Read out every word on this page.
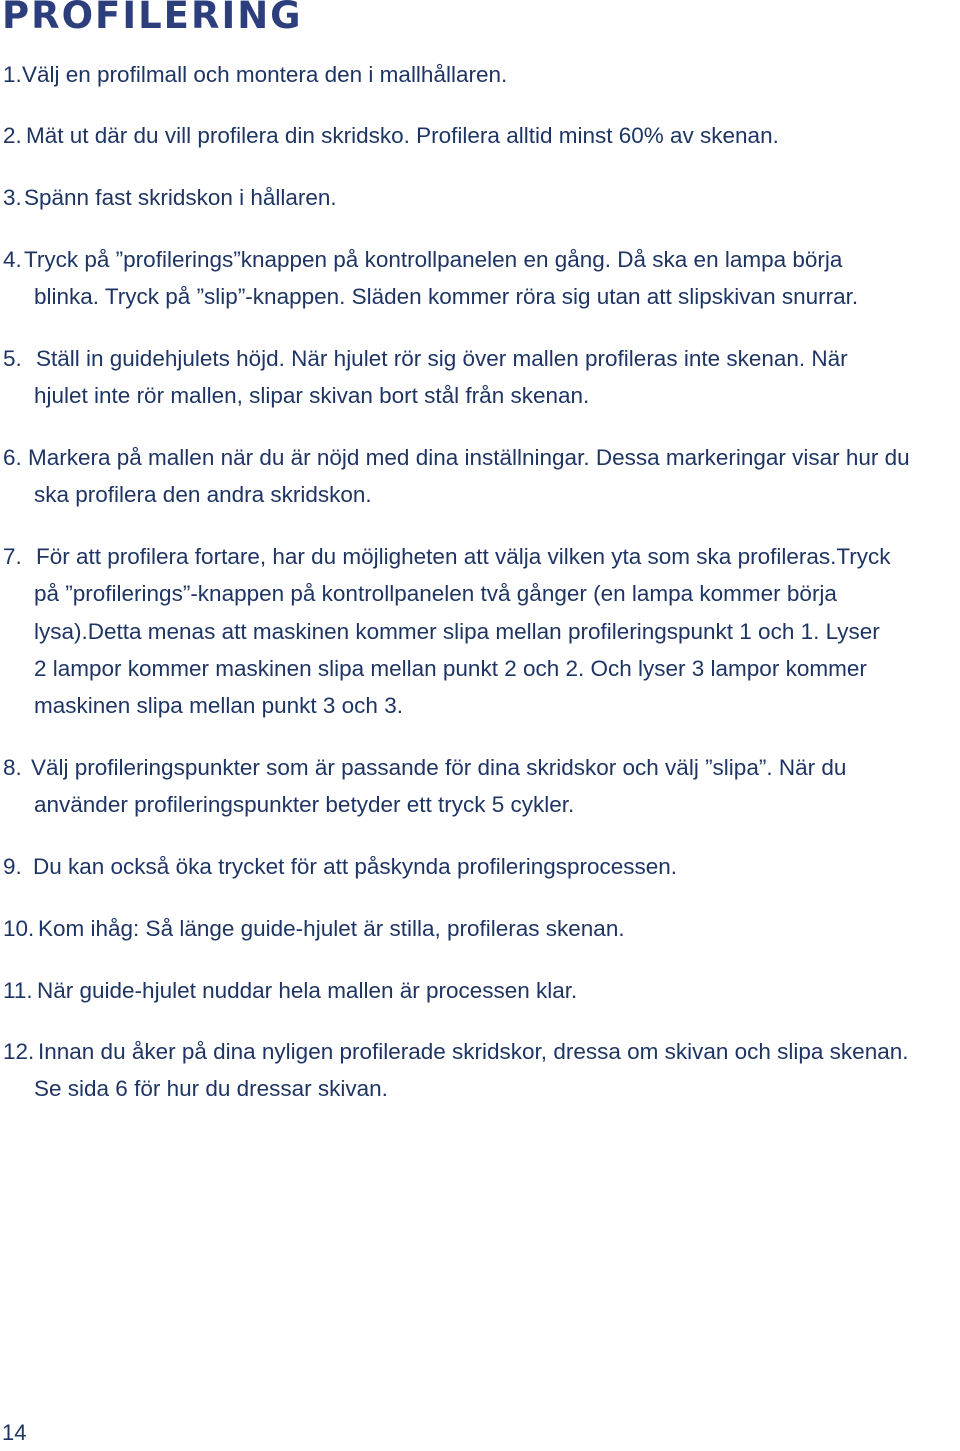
PROFILERING
1. Välj en profilmall och montera den i mallhållaren.
2. Mät ut där du vill profilera din skridsko. Profilera alltid minst 60% av skenan.
3. Spänn fast skridskon i hållaren.
4. Tryck på ”profilerings”knappen på kontrollpanelen en gång. Då ska en lampa börja
blinka. Tryck på ”slip”-knappen. Släden kommer röra sig utan att slipskivan snurrar.
5. Ställ in guidehjulets höjd. När hjulet rör sig över mallen profileras inte skenan. När
hjulet inte rör mallen, slipar skivan bort stål från skenan.
6. Markera på mallen när du är nöjd med dina inställningar. Dessa markeringar visar hur du
ska profilera den andra skridskon.
7. För att profilera fortare, har du möjligheten att välja vilken yta som ska profileras.Tryck
på ”profilerings”-knappen på kontrollpanelen två gånger (en lampa kommer börja
lysa).Detta menas att maskinen kommer slipa mellan profileringspunkt 1 och 1. Lyser
2 lampor kommer maskinen slipa mellan punkt 2 och 2. Och lyser 3 lampor kommer
maskinen slipa mellan punkt 3 och 3.
8. Välj profileringspunkter som är passande för dina skridskor och välj ”slipa”. När du
använder profileringspunkter betyder ett tryck 5 cykler.
9. Du kan också öka trycket för att påskynda profileringsprocessen.
10. Kom ihåg: Så länge guide-hjulet är stilla, profileras skenan.
11. När guide-hjulet nuddar hela mallen är processen klar.
12. Innan du åker på dina nyligen profilerade skridskor, dressa om skivan och slipa skenan.
Se sida 6 för hur du dressar skivan.
14
